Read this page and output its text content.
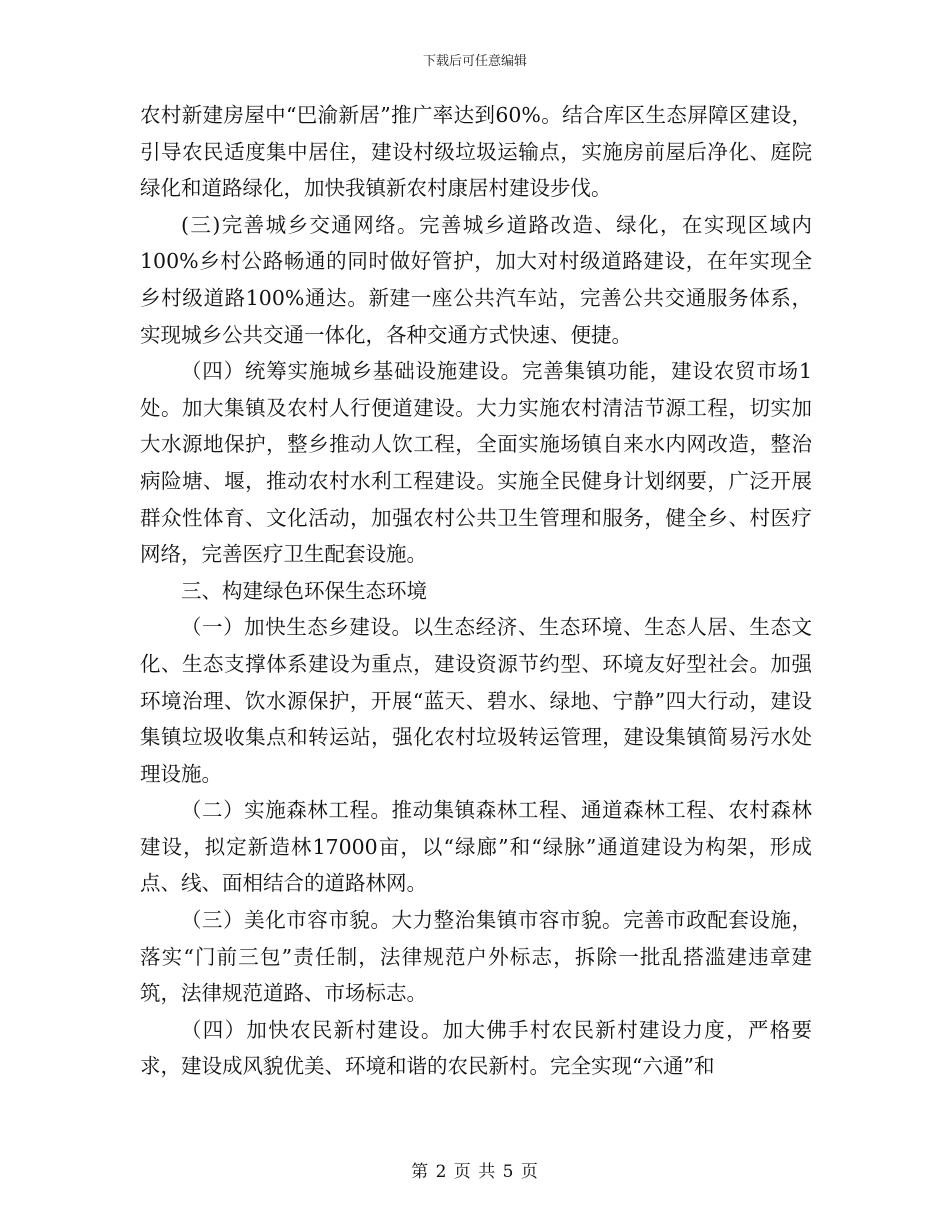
下载后可任意编辑

农村新建房屋中“巴渝新居”推广率达到60%。结合库区生态屏障区建设，引导农民适度集中居住，建设村级垃圾运输点，实施房前屋后净化、庭院绿化和道路绿化，加快我镇新农村康居村建设步伐。

(三)完善城乡交通网络。完善城乡道路改造、绿化，在实现区域内100%乡村公路畅通的同时做好管护，加大对村级道路建设，在年实现全乡村级道路100%通达。新建一座公共汽车站，完善公共交通服务体系，实现城乡公共交通一体化，各种交通方式快速、便捷。

（四）统筹实施城乡基础设施建设。完善集镇功能，建设农贸市场1处。加大集镇及农村人行便道建设。大力实施农村清洁节源工程，切实加大水源地保护，整乡推动人饮工程，全面实施场镇自来水内网改造，整治病险塘、堰，推动农村水利工程建设。实施全民健身计划纲要，广泛开展群众性体育、文化活动，加强农村公共卫生管理和服务，健全乡、村医疗网络，完善医疗卫生配套设施。

三、构建绿色环保生态环境

（一）加快生态乡建设。以生态经济、生态环境、生态人居、生态文化、生态支撑体系建设为重点，建设资源节约型、环境友好型社会。加强环境治理、饮水源保护，开展“蓝天、碧水、绿地、宁静”四大行动，建设集镇垃圾收集点和转运站，强化农村垃圾转运管理，建设集镇简易污水处理设施。

（二）实施森林工程。推动集镇森林工程、通道森林工程、农村森林建设，拟定新造林17000亩，以“绿廊”和“绿脉”通道建设为构架，形成点、线、面相结合的道路林网。

（三）美化市容市貌。大力整治集镇市容市貌。完善市政配套设施，落实“门前三包”责任制，法律规范户外标志，拆除一批乱搭滥建违章建筑，法律规范道路、市场标志。

（四）加快农民新村建设。加大佛手村农民新村建设力度，严格要求，建设成风貌优美、环境和谐的农民新村。完全实现“六通”和

第 2 页 共 5 页
